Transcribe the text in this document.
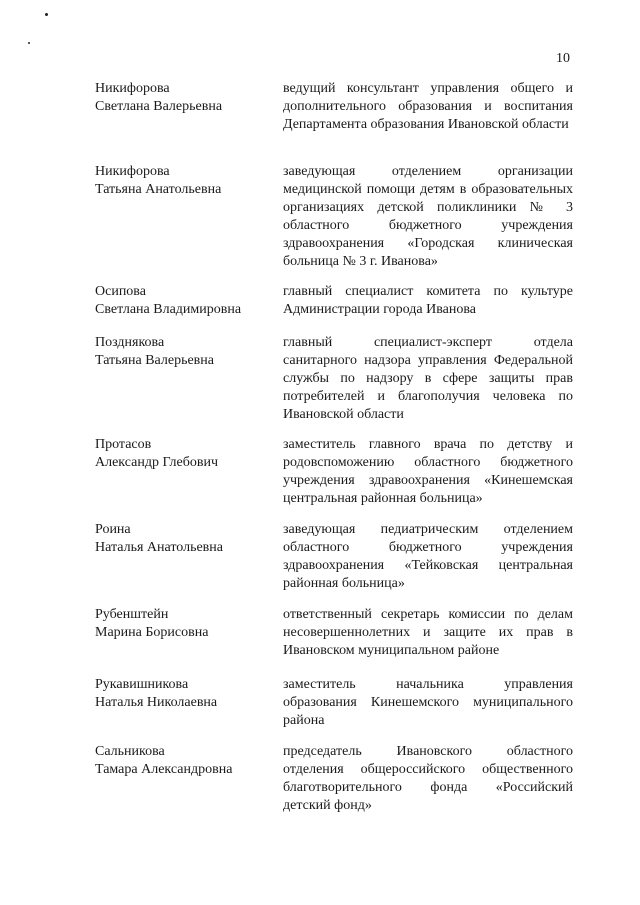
10
Никифорова
Светлана Валерьевна
ведущий консультант управления общего и дополнительного образования и воспитания Департамента образования Ивановской области
Никифорова
Татьяна Анатольевна
заведующая отделением организации медицинской помощи детям в образовательных организациях детской поликлиники № 3 областного бюджетного учреждения здравоохранения «Городская клиническая больница № 3 г. Иванова»
Осипова
Светлана Владимировна
главный специалист комитета по культуре Администрации города Иванова
Позднякова
Татьяна Валерьевна
главный специалист-эксперт отдела санитарного надзора управления Федеральной службы по надзору в сфере защиты прав потребителей и благополучия человека по Ивановской области
Протасов
Александр Глебович
заместитель главного врача по детству и родовспоможению областного бюджетного учреждения здравоохранения «Кинешемская центральная районная больница»
Роина
Наталья Анатольевна
заведующая педиатрическим отделением областного бюджетного учреждения здравоохранения «Тейковская центральная районная больница»
Рубенштейн
Марина Борисовна
ответственный секретарь комиссии по делам несовершеннолетних и защите их прав в Ивановском муниципальном районе
Рукавишникова
Наталья Николаевна
заместитель начальника управления образования Кинешемского муниципального района
Сальникова
Тамара Александровна
председатель Ивановского областного отделения общероссийского общественного благотворительного фонда «Российский детский фонд»
